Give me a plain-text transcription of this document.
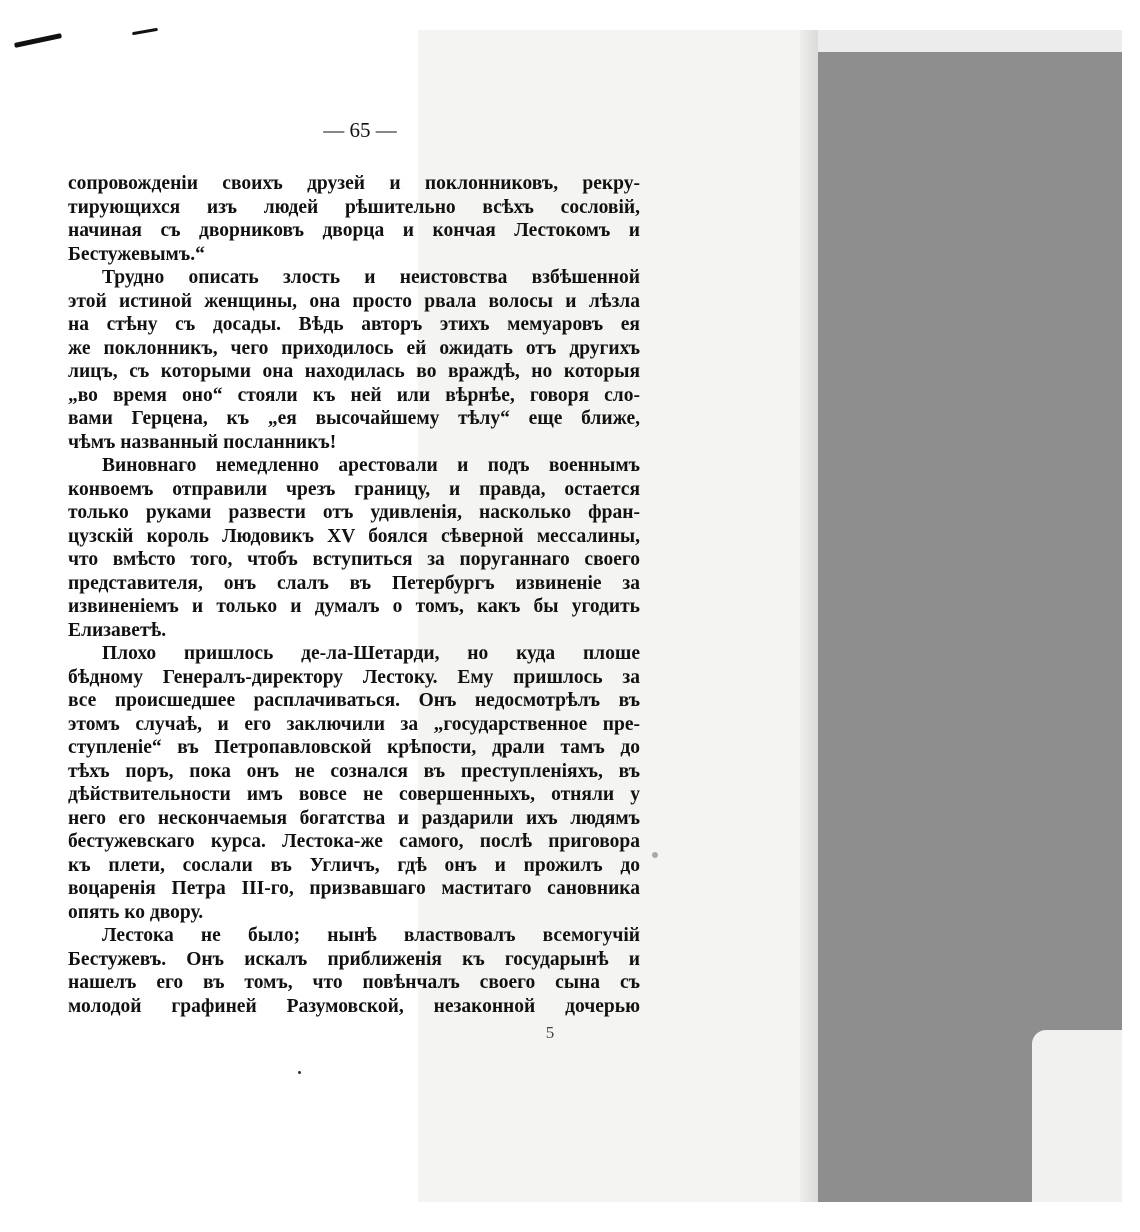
— 65 —
сопровожденіи своихъ друзей и поклонниковъ, рекру-
тирующихся изъ людей рѣшительно всѣхъ сословій,
начиная съ дворниковъ дворца и кончая Лестокомъ и
Бестужевымъ.“
Трудно описать злость и неистовства взбѣшенной
этой истиной женщины, она просто рвала волосы и лѣзла
на стѣну съ досады. Вѣдь авторъ этихъ мемуаровъ ея
же поклонникъ, чего приходилось ей ожидать отъ другихъ
лицъ, съ которыми она находилась во враждѣ, но которыя
„во время оно“ стояли къ ней или вѣрнѣе, говоря сло-
вами Герцена, къ „ея высочайшему тѣлу“ еще ближе,
чѣмъ названный посланникъ!
Виновнаго немедленно арестовали и подъ военнымъ
конвоемъ отправили чрезъ границу, и правда, остается
только руками развести отъ удивленія, насколько фран-
цузскій король Людовикъ XV боялся сѣверной мессалины,
что вмѣсто того, чтобъ вступиться за поруганнаго своего
представителя, онъ слалъ въ Петербургъ извиненіе за
извиненіемъ и только и думалъ о томъ, какъ бы угодить
Елизаветѣ.
Плохо пришлось де-ла-Шетарди, но куда плоше
бѣдному Генералъ-директору Лестоку. Ему пришлось за
все происшедшее расплачиваться. Онъ недосмотрѣлъ въ
этомъ случаѣ, и его заключили за „государственное пре-
ступленіе“ въ Петропавловской крѣпости, драли тамъ до
тѣхъ поръ, пока онъ не сознался въ преступленіяхъ, въ
дѣйствительности имъ вовсе не совершенныхъ, отняли у
него его нескончаемыя богатства и раздарили ихъ людямъ
бестужевскаго курса. Лестока-же самого, послѣ приговора
къ плети, сослали въ Угличъ, гдѣ онъ и прожилъ до
воцаренія Петра III-го, призвавшаго маститаго сановника
опять ко двору.
Лестока не было; нынѣ властвовалъ всемогучій
Бестужевъ. Онъ искалъ приближенія къ государынѣ и
нашелъ его въ томъ, что повѣнчалъ своего сына съ
молодой графиней Разумовской, незаконной дочерью
5
